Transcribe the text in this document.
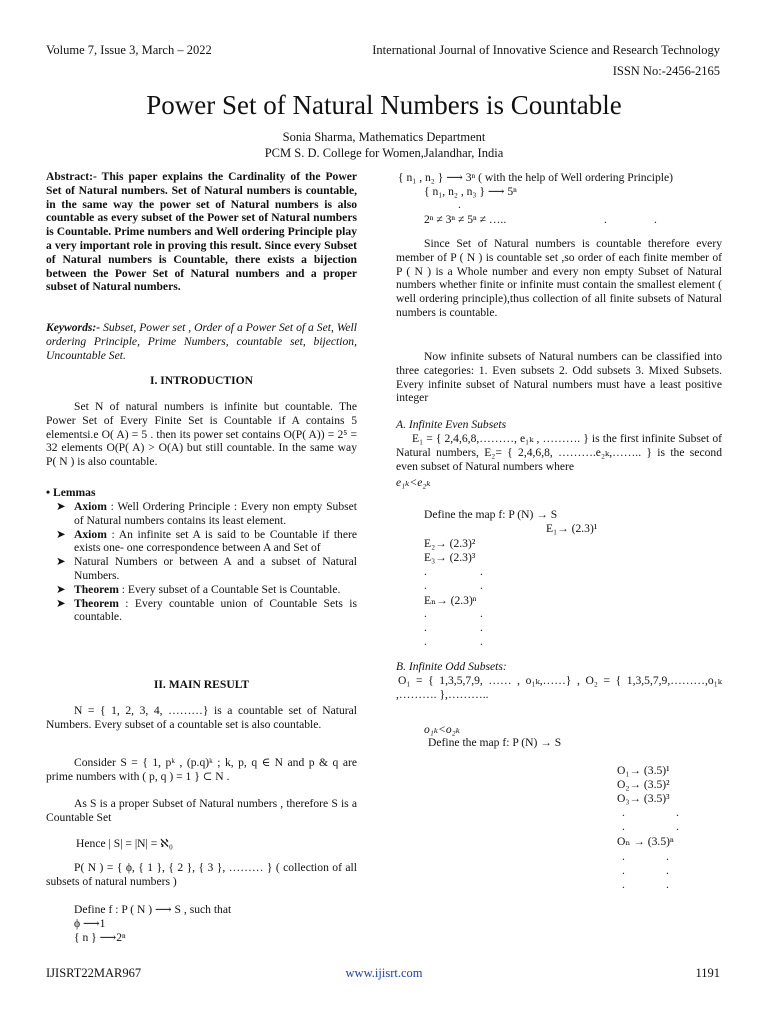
Volume 7, Issue 3, March – 2022	International Journal of Innovative Science and Research Technology
ISSN No:-2456-2165
Power Set of Natural Numbers is Countable
Sonia Sharma, Mathematics Department
PCM S. D. College for Women,Jalandhar, India
Abstract:- This paper explains the Cardinality of the Power Set of Natural numbers. Set of Natural numbers is countable, in the same way the power set of Natural numbers is also countable as every subset of the Power set of Natural numbers is Countable. Prime numbers and Well ordering Principle play a very important role in proving this result. Since every Subset of Natural numbers is Countable, there exists a bijection between the Power Set of Natural numbers and a proper subset of Natural numbers.
Keywords:- Subset, Power set , Order of a Power Set of a Set, Well ordering Principle, Prime Numbers, countable set, bijection, Uncountable Set.
I. INTRODUCTION
Set N of natural numbers is infinite but countable. The Power Set of Every Finite Set is Countable if A contains 5 elementsi.e O( A) = 5 . then its power set contains O(P( A)) = 2⁵ = 32 elements O(P( A) > O(A) but still countable. In the same way P( N ) is also countable.
• Lemmas
➤ Axiom : Well Ordering Principle : Every non empty Subset of Natural numbers contains its least element.
➤ Axiom : An infinite set A is said to be Countable if there exists one- one correspondence between A and Set of
➤ Natural Numbers or between A and a subset of Natural Numbers.
➤ Theorem : Every subset of a Countable Set is Countable.
➤ Theorem : Every countable union of Countable Sets is countable.
II. MAIN RESULT
N = { 1, 2, 3, 4, ………} is a countable set of Natural Numbers. Every subset of a countable set is also countable.
Consider S = { 1, pᵏ , (p.q)ᵏ ; k, p, q ∈ N and p & q are prime numbers with ( p, q ) = 1 } ⊂ N .
As S is a proper Subset of Natural numbers , therefore S is a Countable Set
Hence | S| = |N| = ℵ₀
P( N ) = { ϕ, { 1 }, { 2 }, { 3 }, ……… } ( collection of all subsets of natural numbers )
Define f : P ( N ) ⟶ S , such that
ϕ ⟶1
{ n } ⟶2ⁿ
{ n₁ , n₂ } ⟶ 3ⁿ ( with the help of Well ordering Principle)
{ n₁, n₂ , n₃ } ⟶ 5ⁿ
.
2ⁿ ≠ 3ⁿ ≠ 5ⁿ ≠ …..	.	.
Since Set of Natural numbers is countable therefore every member of P ( N ) is countable set ,so order of each finite member of P ( N ) is a Whole number and every non empty Subset of Natural numbers whether finite or infinite must contain the smallest element ( well ordering principle),thus collection of all finite subsets of Natural numbers is countable.
Now infinite subsets of Natural numbers can be classified into three categories: 1. Even subsets 2. Odd subsets 3. Mixed Subsets. Every infinite subset of Natural numbers must have a least positive integer
A. Infinite Even Subsets
E₁ = { 2,4,6,8,………, e₁ₖ , ………. } is the first infinite Subset of Natural numbers, E₂= { 2,4,6,8, ……….e₂ₖ,…….. } is the second even subset of Natural numbers where
e₁ₖ<e₂ₖ
Define the map f: P (N) → S
E₁→ (2.3)¹
E₂→ (2.3)²
E₃→ (2.3)³
.	.
.	.
Eₙ→ (2.3)ⁿ
.	.
.	.
.	.
B. Infinite Odd Subsets:
O₁ = { 1,3,5,7,9, …… , o₁ₖ,……} , O₂ = { 1,3,5,7,9,………,o₁ₖ ,………. },………..
o₁ₖ<o₂ₖ
Define the map f: P (N) → S
O₁→ (3.5)¹
O₂→ (3.5)²
O₃→ (3.5)³
.	.
.	.
Oₙ → (3.5)ⁿ
.	.
.	.
.	.
IJISRT22MAR967	www.ijisrt.com	1191
